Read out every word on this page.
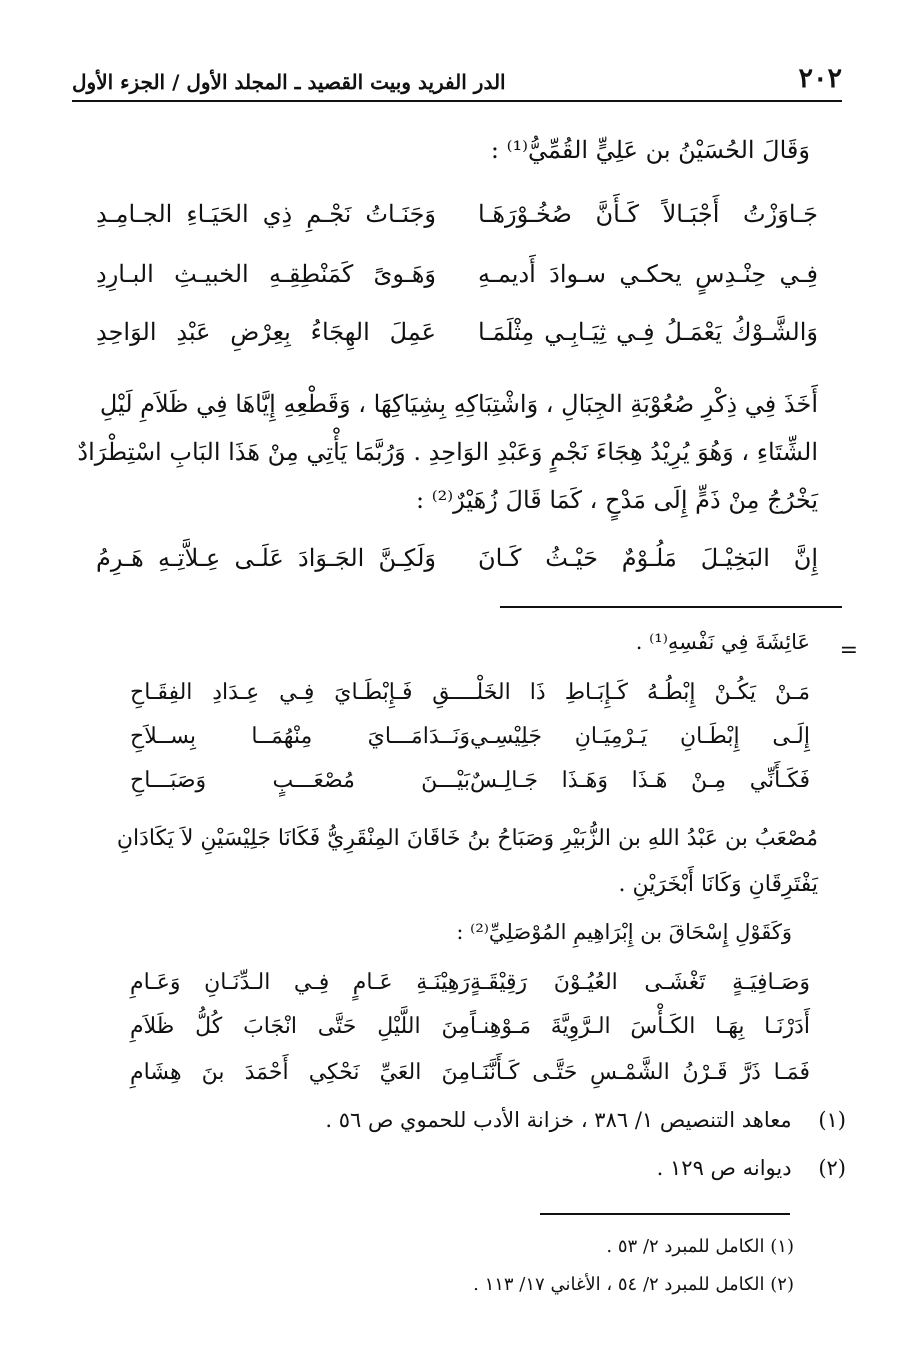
٢٠٢
الدر الفريد وبيت القصيد ـ المجلد الأول / الجزء الأول
وَقَالَ الحُسَيْنُ بن عَلِيٍّ القُمِّيُّ⁽¹⁾ :
جَـاوَزْتُ أَجْبَـالاً كَـأَنَّ صُخُـوْرَهَـا
وَجَنَـاتُ نَجْـمِ ذِي الحَيَـاءِ الجـامِـدِ
فِـي حِنْـدِسٍ يحكـي سـوادَ أَديمـهِ
وَهَـوىً كَمَنْطِقِـهِ الخبيـثِ البـارِدِ
وَالشَّـوْكُ يَعْمَـلُ فِـي ثِيَـابِـي مِثْلَمَـا
عَمِلَ الهِجَاءُ بِعِرْضِ عَبْدِ الوَاحِدِ
أَخَذَ فِي ذِكْرِ صُعُوْبَةِ الجِبَالِ ، وَاشْتِبَاكِهِ بِشِيَاكِهَا ، وَقَطْعِهِ إِيَّاهَا فِي ظَلاَمِ لَيْلِ
الشِّتَاءِ ، وَهُوَ يُرِيْدُ هِجَاءَ نَجْمٍ وَعَبْدِ الوَاحِدِ . وَرُبَّمَا يَأْتِي مِنْ هَذَا البَابِ اسْتِطْرَادٌ
يَخْرُجُ مِنْ ذَمٍّ إِلَى مَدْحٍ ، كَمَا قَالَ زُهَيْرٌ⁽²⁾ :
إِنَّ البَخِيْـلَ مَلُـوْمٌ حَيْـثُ كَـانَ
وَلَكِـنَّ الجَـوَادَ عَلَـى عِـلاَّتِـهِ هَـرِمُ
=
عَائِشَةَ فِي نَفْسِهِ⁽¹⁾ .
مَـنْ يَكُـنْ إِبْطُـهُ كَـإِبَـاطِ ذَا الخَلْـ
ـــقِ فَـإِبْطَـايَ فِـي عِـدَادِ الفِقَـاحِ
إِلَـى إِبْطَـانِ يَـرْمِيَـانِ جَلِيْسِـي
وَنَــدَامَـــايَ مِنْهُمَــا بِســلاَحِ
فَكَـأَنِّي مِـنْ هَـذَا وَهَـذَا جَـالِـسٌ
بَيْـــنَ مُصْعَـــبٍ وَصَبَـــاحِ
مُصْعَبُ بن عَبْدُ اللهِ بن الزُّبَيْرِ وَصَبَاحُ بنُ خَاقَانَ المِنْقَرِيُّ فَكَانَا جَلِيْسَيْنِ لاَ يَكَادَانِ
يَفْتَرِقَانِ وَكَانَا أَبْخَرَيْنِ .
وَكَقَوْلِ إِسْحَاقَ بن إِبْرَاهِيمِ المُوْصَلِيِّ⁽²⁾ :
وَصَـافِيَـةٍ تَغْشَـى العُيُـوْنَ رَقِيْقَـةٍ
رَهِيْنَـةِ عَـامٍ فِـي الـدِّنَـانِ وَعَـامِ
أَدَرْنَـا بِهَـا الكَـأْسَ الـرَّوِيَّةَ مَـوْهِنـاً
مِنَ اللَّيْلِ حَتَّى انْجَابَ كُلُّ ظَلاَمِ
فَمَـا ذَرَّ قَـرْنُ الشَّمْـسِ حَتَّـى كَـأَنَّنَـا
مِنَ العَيِّ نَحْكِي أَحْمَدَ بنَ هِشَامِ
(١)    معاهد التنصيص ١/ ٣٨٦ ، خزانة الأدب للحموي ص ٥٦ .
(٢)    ديوانه ص ١٢٩ .
(١) الكامل للمبرد ٢/ ٥٣ .
(٢) الكامل للمبرد ٢/ ٥٤ ، الأغاني ١٧/ ١١٣ .
